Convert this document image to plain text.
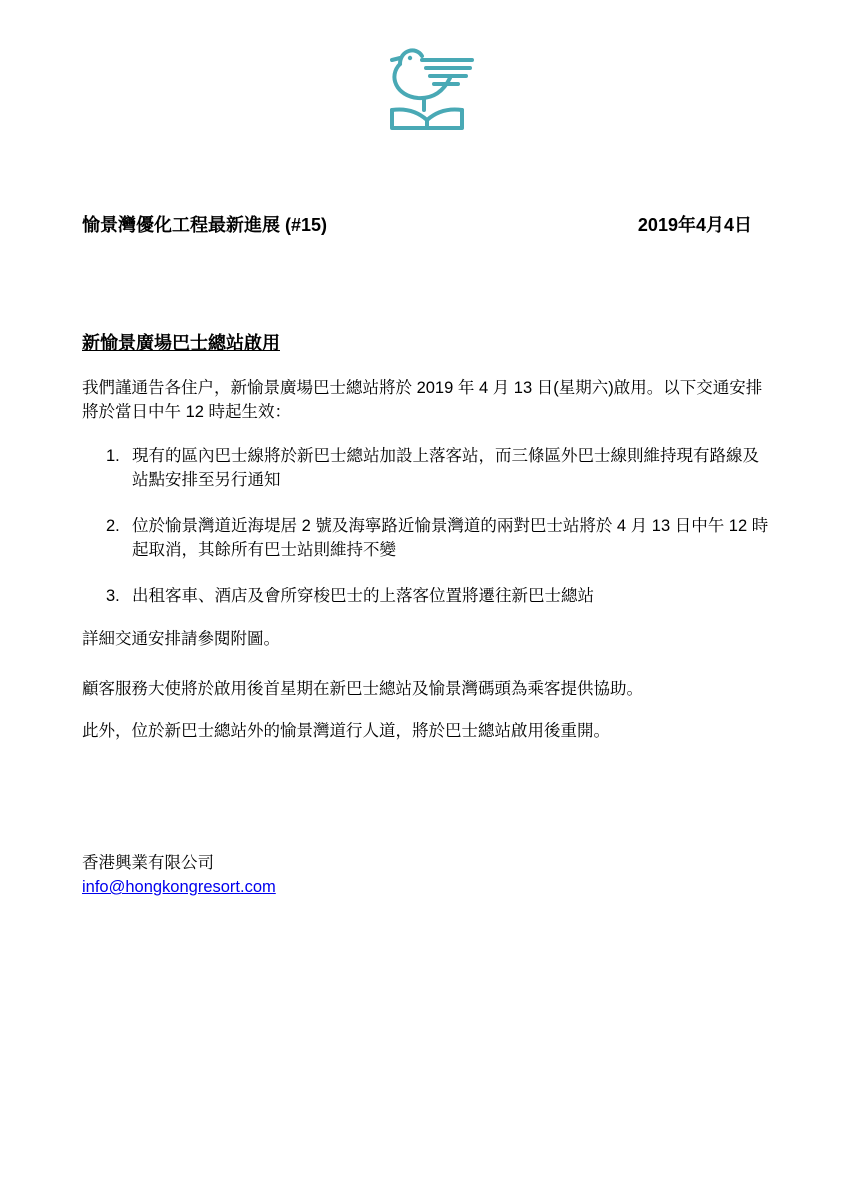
愉景灣優化工程最新進展 (#15)	2019年4月4日
新愉景廣場巴士總站啟用

我們謹通告各住户，新愉景廣場巴士總站將於 2019 年 4 月 13 日(星期六)啟用。以下交通安排將於當日中午 12 時起生效：

1. 現有的區內巴士線將於新巴士總站加設上落客站，而三條區外巴士線則維持現有路線及站點安排至另行通知
2. 位於愉景灣道近海堤居 2 號及海寧路近愉景灣道的兩對巴士站將於 4 月 13 日中午 12 時起取消，其餘所有巴士站則維持不變
3. 出租客車、酒店及會所穿梭巴士的上落客位置將遷往新巴士總站

詳細交通安排請參閱附圖。

顧客服務大使將於啟用後首星期在新巴士總站及愉景灣碼頭為乘客提供協助。

此外，位於新巴士總站外的愉景灣道行人道，將於巴士總站啟用後重開。

香港興業有限公司
info@hongkongresort.com
